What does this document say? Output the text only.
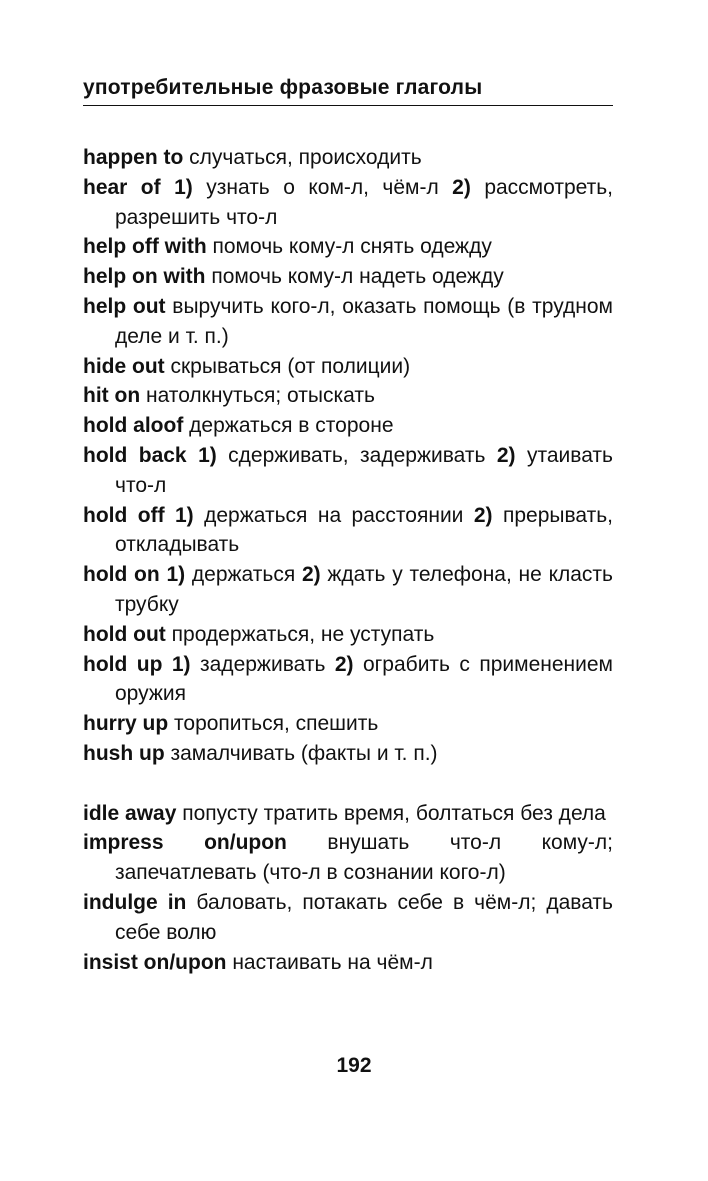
употребительные фразовые глаголы

happen to случаться, происходить

hear of 1) узнать о ком-л, чём-л 2) рассмотреть, разрешить что-л

help off with помочь кому-л снять одежду

help on with помочь кому-л надеть одежду

help out выручить кого-л, оказать помощь (в трудном деле и т. п.)

hide out скрываться (от полиции)

hit on натолкнуться; отыскать

hold aloof держаться в стороне

hold back 1) сдерживать, задерживать 2) утаивать что-л

hold off 1) держаться на расстоянии 2) прерывать, откладывать

hold on 1) держаться 2) ждать у телефона, не класть трубку

hold out продержаться, не уступать

hold up 1) задерживать 2) ограбить с применением оружия

hurry up торопиться, спешить

hush up замалчивать (факты и т. п.)

idle away попусту тратить время, болтаться без дела

impress on/upon внушать что-л кому-л; запечатлевать (что-л в сознании кого-л)

indulge in баловать, потакать себе в чём-л; давать себе волю

insist on/upon настаивать на чём-л

192
